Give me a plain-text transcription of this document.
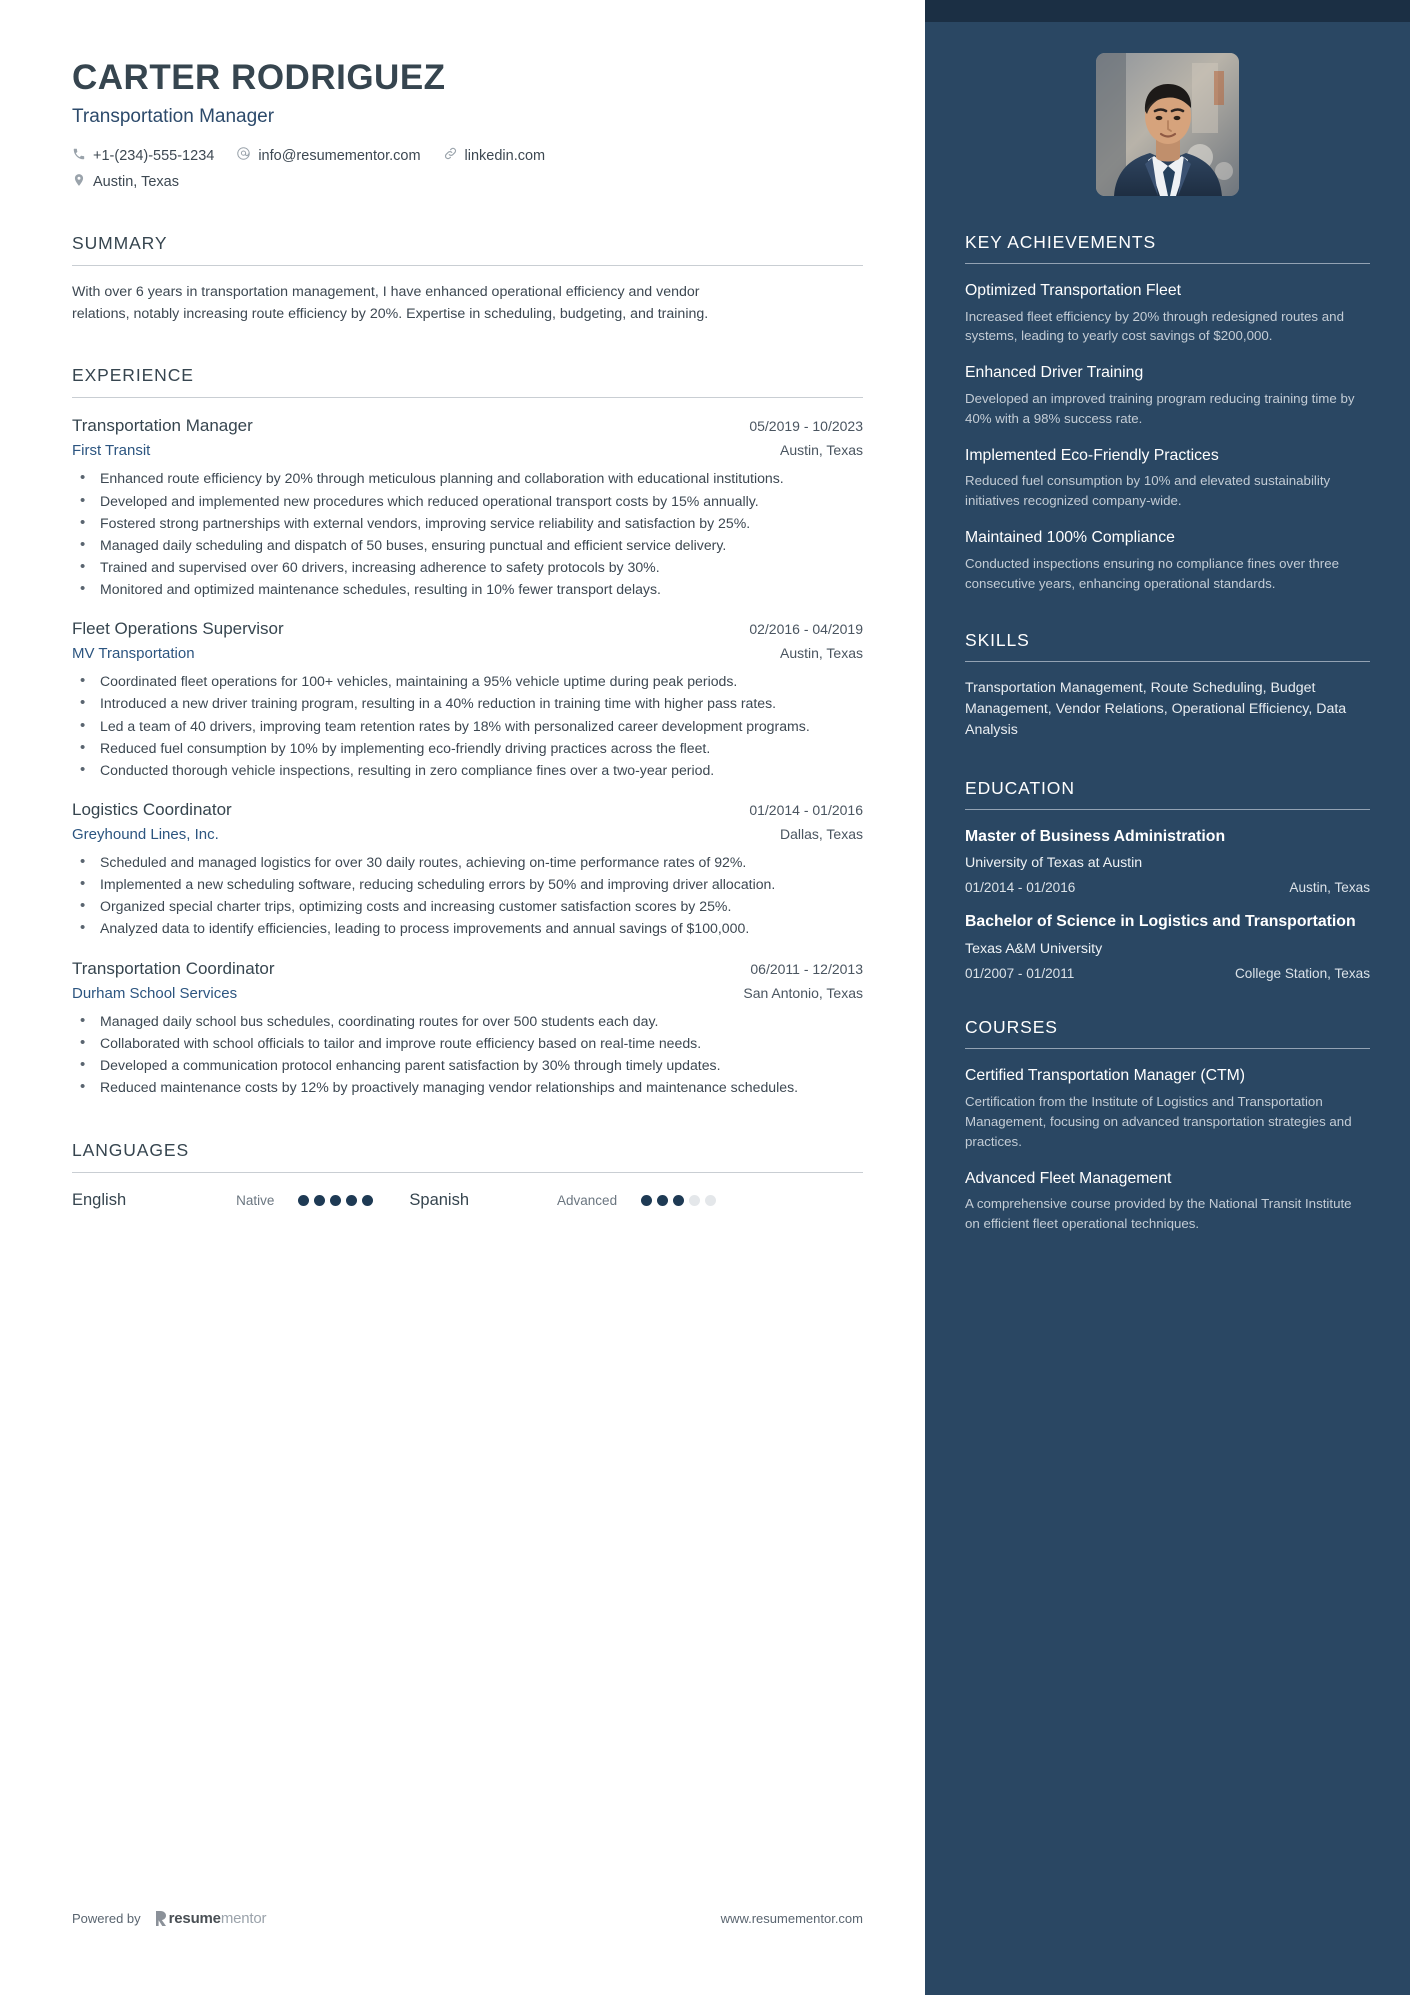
CARTER RODRIGUEZ
Transportation Manager
+1-(234)-555-1234	info@resumementor.com	linkedin.com
Austin, Texas
SUMMARY
With over 6 years in transportation management, I have enhanced operational efficiency and vendor relations, notably increasing route efficiency by 20%. Expertise in scheduling, budgeting, and training.
EXPERIENCE
Transportation Manager	05/2019 - 10/2023
First Transit	Austin, Texas
• Enhanced route efficiency by 20% through meticulous planning and collaboration with educational institutions.
• Developed and implemented new procedures which reduced operational transport costs by 15% annually.
• Fostered strong partnerships with external vendors, improving service reliability and satisfaction by 25%.
• Managed daily scheduling and dispatch of 50 buses, ensuring punctual and efficient service delivery.
• Trained and supervised over 60 drivers, increasing adherence to safety protocols by 30%.
• Monitored and optimized maintenance schedules, resulting in 10% fewer transport delays.
Fleet Operations Supervisor	02/2016 - 04/2019
MV Transportation	Austin, Texas
• Coordinated fleet operations for 100+ vehicles, maintaining a 95% vehicle uptime during peak periods.
• Introduced a new driver training program, resulting in a 40% reduction in training time with higher pass rates.
• Led a team of 40 drivers, improving team retention rates by 18% with personalized career development programs.
• Reduced fuel consumption by 10% by implementing eco-friendly driving practices across the fleet.
• Conducted thorough vehicle inspections, resulting in zero compliance fines over a two-year period.
Logistics Coordinator	01/2014 - 01/2016
Greyhound Lines, Inc.	Dallas, Texas
• Scheduled and managed logistics for over 30 daily routes, achieving on-time performance rates of 92%.
• Implemented a new scheduling software, reducing scheduling errors by 50% and improving driver allocation.
• Organized special charter trips, optimizing costs and increasing customer satisfaction scores by 25%.
• Analyzed data to identify efficiencies, leading to process improvements and annual savings of $100,000.
Transportation Coordinator	06/2011 - 12/2013
Durham School Services	San Antonio, Texas
• Managed daily school bus schedules, coordinating routes for over 500 students each day.
• Collaborated with school officials to tailor and improve route efficiency based on real-time needs.
• Developed a communication protocol enhancing parent satisfaction by 30% through timely updates.
• Reduced maintenance costs by 12% by proactively managing vendor relationships and maintenance schedules.
LANGUAGES
English	Native	Spanish	Advanced
Powered by resumementor	www.resumementor.com
KEY ACHIEVEMENTS
Optimized Transportation Fleet
Increased fleet efficiency by 20% through redesigned routes and systems, leading to yearly cost savings of $200,000.
Enhanced Driver Training
Developed an improved training program reducing training time by 40% with a 98% success rate.
Implemented Eco-Friendly Practices
Reduced fuel consumption by 10% and elevated sustainability initiatives recognized company-wide.
Maintained 100% Compliance
Conducted inspections ensuring no compliance fines over three consecutive years, enhancing operational standards.
SKILLS
Transportation Management, Route Scheduling, Budget Management, Vendor Relations, Operational Efficiency, Data Analysis
EDUCATION
Master of Business Administration
University of Texas at Austin
01/2014 - 01/2016	Austin, Texas
Bachelor of Science in Logistics and Transportation
Texas A&M University
01/2007 - 01/2011	College Station, Texas
COURSES
Certified Transportation Manager (CTM)
Certification from the Institute of Logistics and Transportation Management, focusing on advanced transportation strategies and practices.
Advanced Fleet Management
A comprehensive course provided by the National Transit Institute on efficient fleet operational techniques.
